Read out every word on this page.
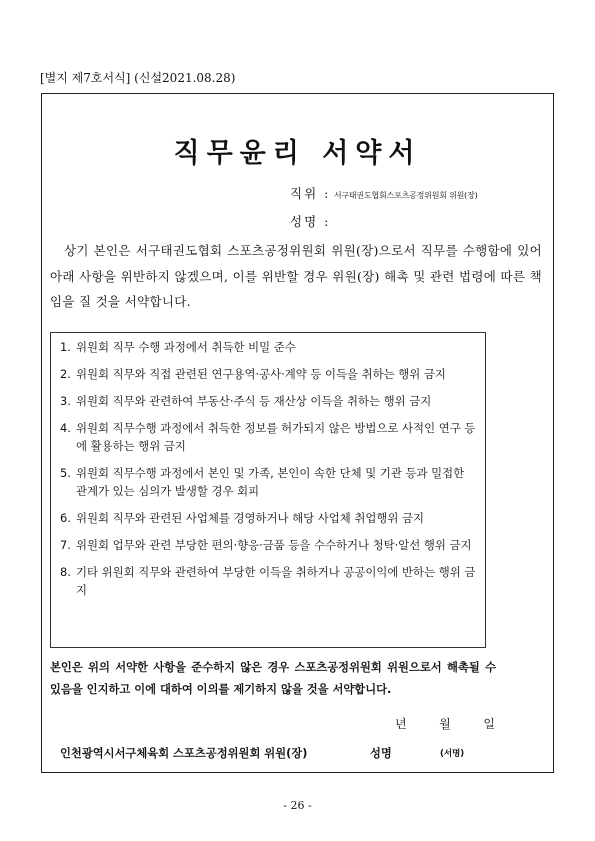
[별지 제7호서식] (신설2021.08.28)
직무윤리 서약서
직위 : 서구태권도협회스포츠공정위원회 위원(장)
성명 :
상기 본인은 서구태권도협회 스포츠공정위원회 위원(장)으로서 직무를 수행함에 있어 아래 사항을 위반하지 않겠으며, 이를 위반할 경우 위원(장) 해촉 및 관련 법령에 따른 책임을 질 것을 서약합니다.
1. 위원회 직무 수행 과정에서 취득한 비밀 준수
2. 위원회 직무와 직접 관련된 연구용역·공사·계약 등 이득을 취하는 행위 금지
3. 위원회 직무와 관련하여 부동산·주식 등 재산상 이득을 취하는 행위 금지
4. 위원회 직무수행 과정에서 취득한 정보를 허가되지 않은 방법으로 사적인 연구 등에 활용하는 행위 금지
5. 위원회 직무수행 과정에서 본인 및 가족, 본인이 속한 단체 및 기관 등과 밀접한 관계가 있는 심의가 발생할 경우 회피
6. 위원회 직무와 관련된 사업체를 경영하거나 해당 사업체 취업행위 금지
7. 위원회 업무와 관련 부당한 편의·향응·금품 등을 수수하거나 청탁·알선 행위 금지
8. 기타 위원회 직무와 관련하여 부당한 이득을 취하거나 공공이익에 반하는 행위 금지
본인은 위의 서약한 사항을 준수하지 않은 경우 스포츠공정위원회 위원으로서 해촉될 수 있음을 인지하고 이에 대하여 이의를 제기하지 않을 것을 서약합니다.
년	월	일
인천광역시서구체육회 스포츠공정위원회 위원(장)	성명	(서명)
- 26 -
